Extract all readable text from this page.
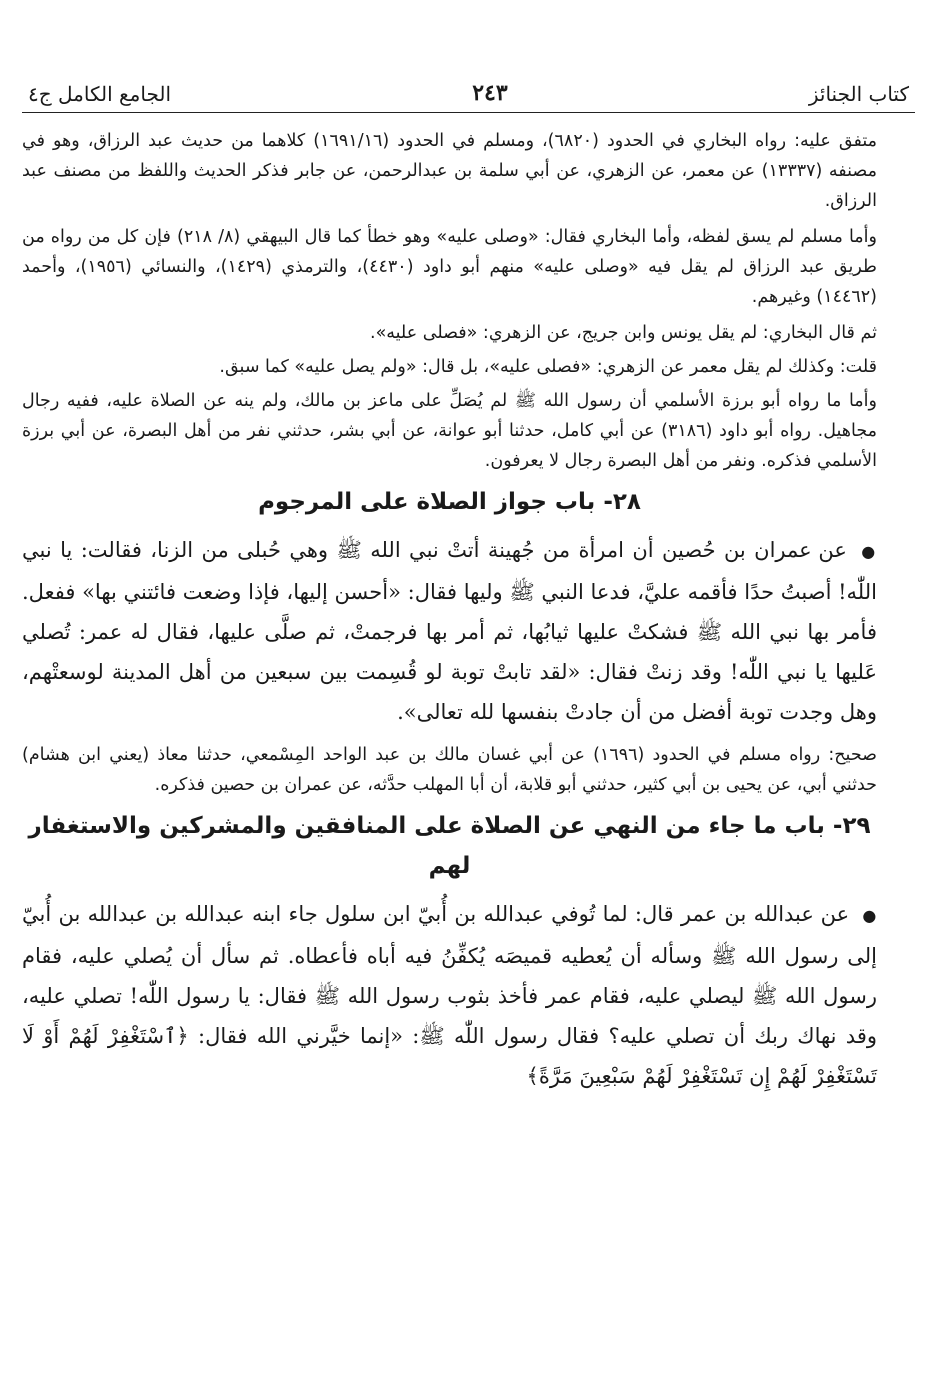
كتاب الجنائز
٢٤٣
الجامع الكامل ج٤

متفق عليه: رواه البخاري في الحدود (٦٨٢٠)، ومسلم في الحدود (١٦٩١/١٦) كلاهما من حديث عبد الرزاق، وهو في مصنفه (١٣٣٣٧) عن معمر، عن الزهري، عن أبي سلمة بن عبدالرحمن، عن جابر فذكر الحديث واللفظ من مصنف عبد الرزاق.

وأما مسلم لم يسق لفظه، وأما البخاري فقال: «وصلى عليه» وهو خطأ كما قال البيهقي (٨/ ٢١٨) فإن كل من رواه من طريق عبد الرزاق لم يقل فيه «وصلى عليه» منهم أبو داود (٤٤٣٠)، والترمذي (١٤٢٩)، والنسائي (١٩٥٦)، وأحمد (١٤٤٦٢) وغيرهم.

ثم قال البخاري: لم يقل يونس وابن جريج، عن الزهري: «فصلى عليه».

قلت: وكذلك لم يقل معمر عن الزهري: «فصلى عليه»، بل قال: «ولم يصل عليه» كما سبق.

وأما ما رواه أبو برزة الأسلمي أن رسول الله ﷺ لم يُصَلِّ على ماعز بن مالك، ولم ينه عن الصلاة عليه، ففيه رجال مجاهيل. رواه أبو داود (٣١٨٦) عن أبي كامل، حدثنا أبو عوانة، عن أبي بشر، حدثني نفر من أهل البصرة، عن أبي برزة الأسلمي فذكره. ونفر من أهل البصرة رجال لا يعرفون.

٢٨- باب جواز الصلاة على المرجوم

● عن عمران بن حُصين أن امرأة من جُهينة أتتْ نبي الله ﷺ وهي حُبلى من الزنا، فقالت: يا نبي اللّٰه! أصبتُ حدًا فأقمه عليَّ، فدعا النبي ﷺ وليها فقال: «أحسن إليها، فإذا وضعت فائتني بها» ففعل. فأمر بها نبي الله ﷺ فشكتْ عليها ثيابُها، ثم أمر بها فرجمتْ، ثم صلَّى عليها، فقال له عمر: تُصلي عَليها يا نبي اللّٰه! وقد زنتْ فقال: «لقد تابتْ توبة لو قُسِمت بين سبعين من أهل المدينة لوسعتْهم، وهل وجدت توبة أفضل من أن جادتْ بنفسها لله تعالى».

صحيح: رواه مسلم في الحدود (١٦٩٦) عن أبي غسان مالك بن عبد الواحد المِسْمعي، حدثنا معاذ (يعني ابن هشام) حدثني أبي، عن يحيى بن أبي كثير، حدثني أبو قلابة، أن أبا المهلب حدَّثه، عن عمران بن حصين فذكره.

٢٩- باب ما جاء من النهي عن الصلاة على المنافقين والمشركين والاستغفار لهم

● عن عبدالله بن عمر قال: لما تُوفي عبدالله بن أُبيّ ابن سلول جاء ابنه عبدالله بن عبدالله بن أُبيّ إلى رسول الله ﷺ وسأله أن يُعطيه قميصَه يُكفِّنُ فيه أباه فأعطاه. ثم سأل أن يُصلي عليه، فقام رسول الله ﷺ ليصلي عليه، فقام عمر فأخذ بثوب رسول الله ﷺ فقال: يا رسول اللّٰه! تصلي عليه، وقد نهاك ربك أن تصلي عليه؟ فقال رسول اللّٰه ﷺ: «إنما خيَّرني الله فقال: ﴿ٱسْتَغْفِرْ لَهُمْ أَوْ لَا تَسْتَغْفِرْ لَهُمْ إِن تَسْتَغْفِرْ لَهُمْ سَبْعِينَ مَرَّةً﴾
